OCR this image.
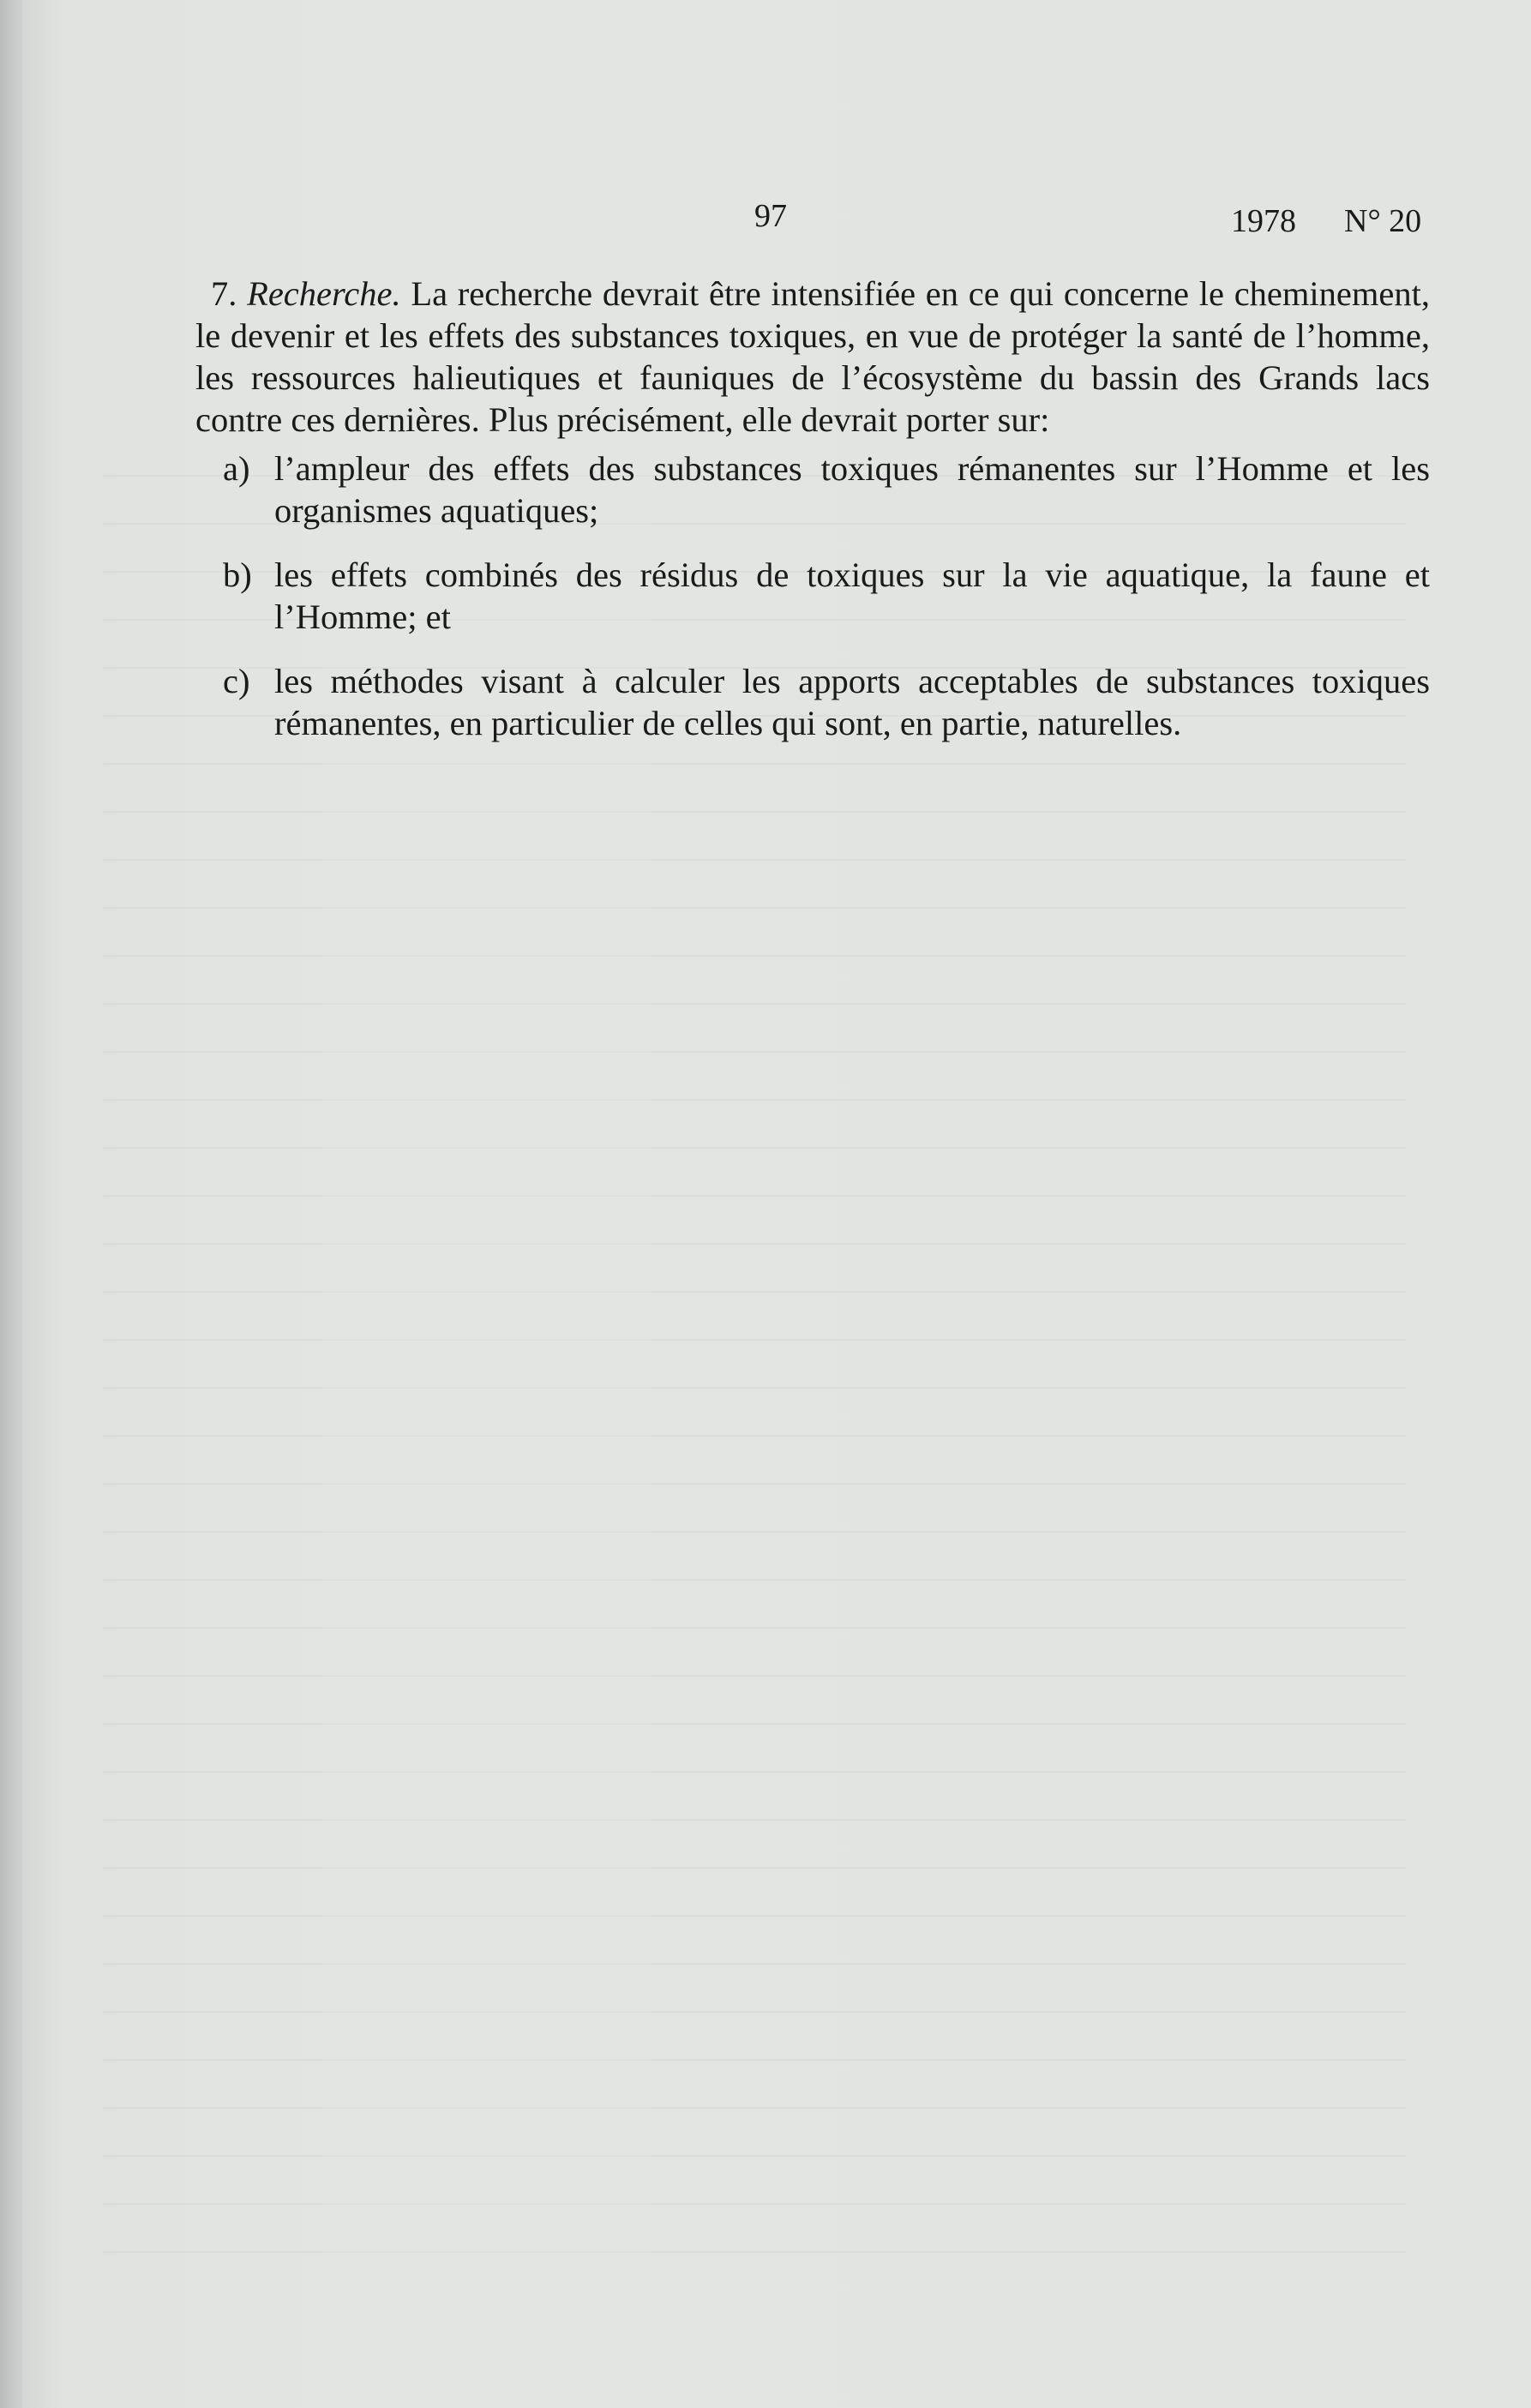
97	1978 N° 20

7. Recherche. La recherche devrait être intensifiée en ce qui concerne le cheminement, le devenir et les effets des substances toxiques, en vue de protéger la santé de l’homme, les ressources halieutiques et fauniques de l’écosystème du bassin des Grands lacs contre ces dernières. Plus précisément, elle devrait porter sur:

a) l’ampleur des effets des substances toxiques rémanentes sur l’Homme et les organismes aquatiques;
b) les effets combinés des résidus de toxiques sur la vie aquatique, la faune et l’Homme; et
c) les méthodes visant à calculer les apports acceptables de substances toxiques rémanentes, en particulier de celles qui sont, en partie, naturelles.
